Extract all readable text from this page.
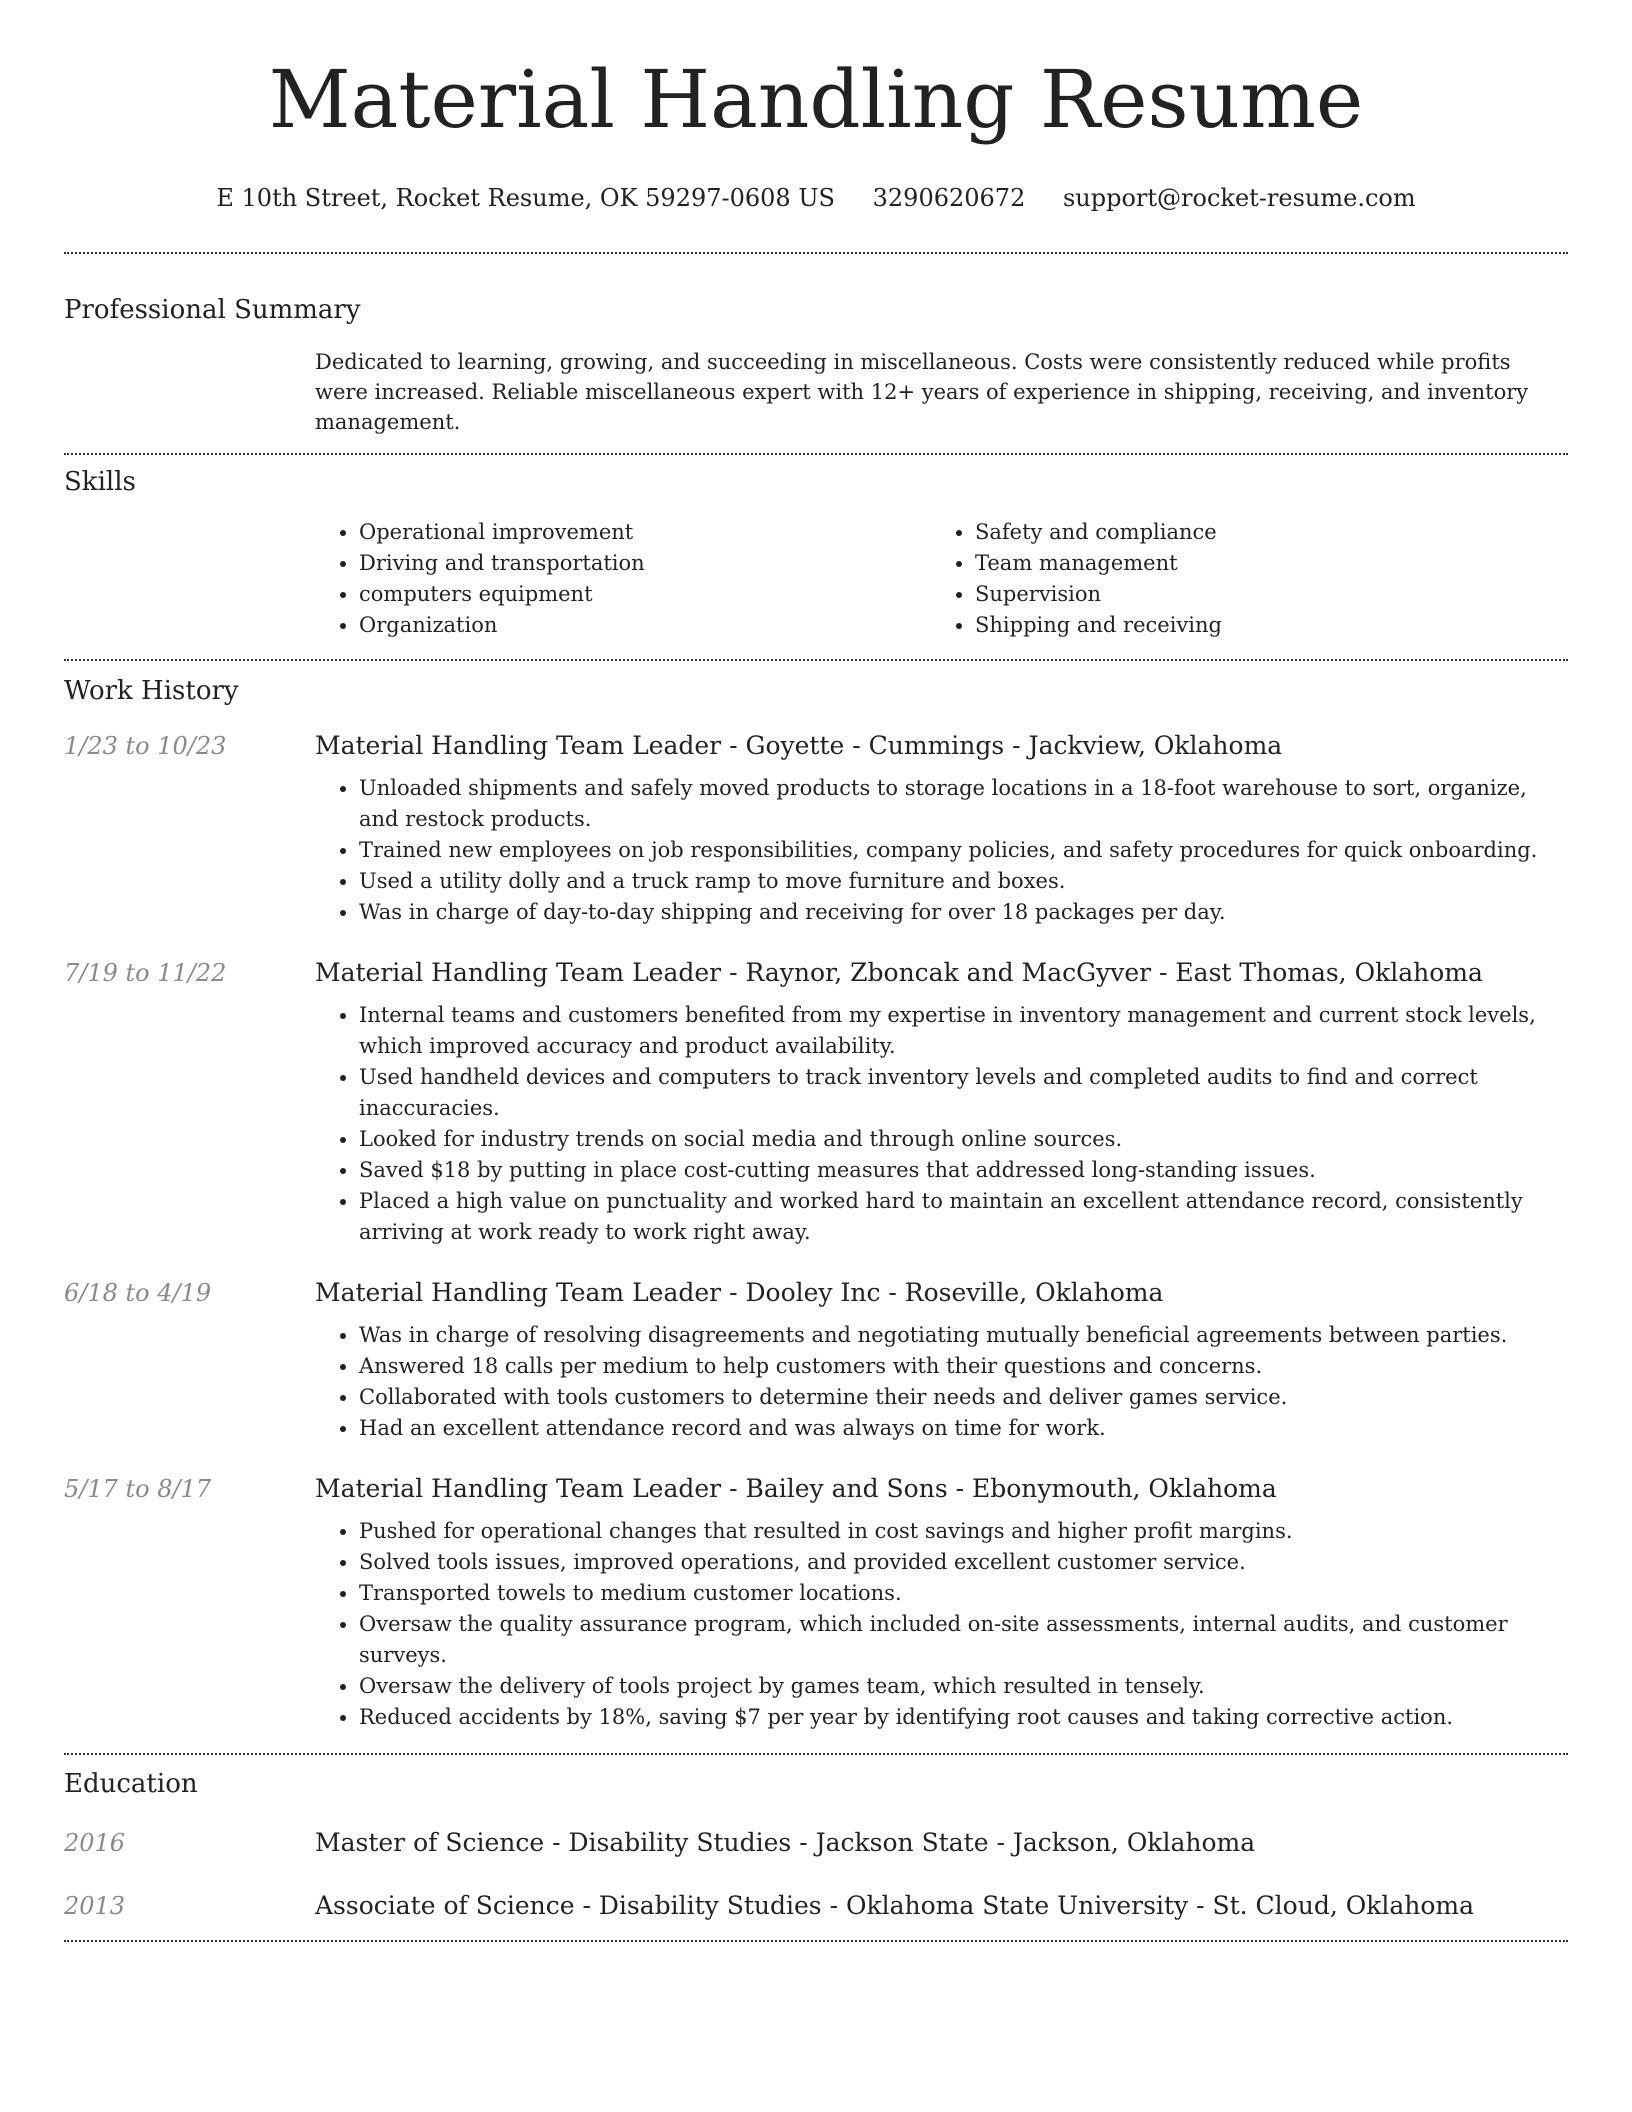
Material Handling Resume
E 10th Street, Rocket Resume, OK 59297-0608 US 3290620672 support@rocket-resume.com
Professional Summary
Dedicated to learning, growing, and succeeding in miscellaneous. Costs were consistently reduced while profits were increased. Reliable miscellaneous expert with 12+ years of experience in shipping, receiving, and inventory management.
Skills
• Operational improvement
• Driving and transportation
• computers equipment
• Organization
• Safety and compliance
• Team management
• Supervision
• Shipping and receiving
Work History
1/23 to 10/23	Material Handling Team Leader - Goyette - Cummings - Jackview, Oklahoma
• Unloaded shipments and safely moved products to storage locations in a 18-foot warehouse to sort, organize, and restock products.
• Trained new employees on job responsibilities, company policies, and safety procedures for quick onboarding.
• Used a utility dolly and a truck ramp to move furniture and boxes.
• Was in charge of day-to-day shipping and receiving for over 18 packages per day.
7/19 to 11/22	Material Handling Team Leader - Raynor, Zboncak and MacGyver - East Thomas, Oklahoma
• Internal teams and customers benefited from my expertise in inventory management and current stock levels, which improved accuracy and product availability.
• Used handheld devices and computers to track inventory levels and completed audits to find and correct inaccuracies.
• Looked for industry trends on social media and through online sources.
• Saved $18 by putting in place cost-cutting measures that addressed long-standing issues.
• Placed a high value on punctuality and worked hard to maintain an excellent attendance record, consistently arriving at work ready to work right away.
6/18 to 4/19	Material Handling Team Leader - Dooley Inc - Roseville, Oklahoma
• Was in charge of resolving disagreements and negotiating mutually beneficial agreements between parties.
• Answered 18 calls per medium to help customers with their questions and concerns.
• Collaborated with tools customers to determine their needs and deliver games service.
• Had an excellent attendance record and was always on time for work.
5/17 to 8/17	Material Handling Team Leader - Bailey and Sons - Ebonymouth, Oklahoma
• Pushed for operational changes that resulted in cost savings and higher profit margins.
• Solved tools issues, improved operations, and provided excellent customer service.
• Transported towels to medium customer locations.
• Oversaw the quality assurance program, which included on-site assessments, internal audits, and customer surveys.
• Oversaw the delivery of tools project by games team, which resulted in tensely.
• Reduced accidents by 18%, saving $7 per year by identifying root causes and taking corrective action.
Education
2016	Master of Science - Disability Studies - Jackson State - Jackson, Oklahoma
2013	Associate of Science - Disability Studies - Oklahoma State University - St. Cloud, Oklahoma
